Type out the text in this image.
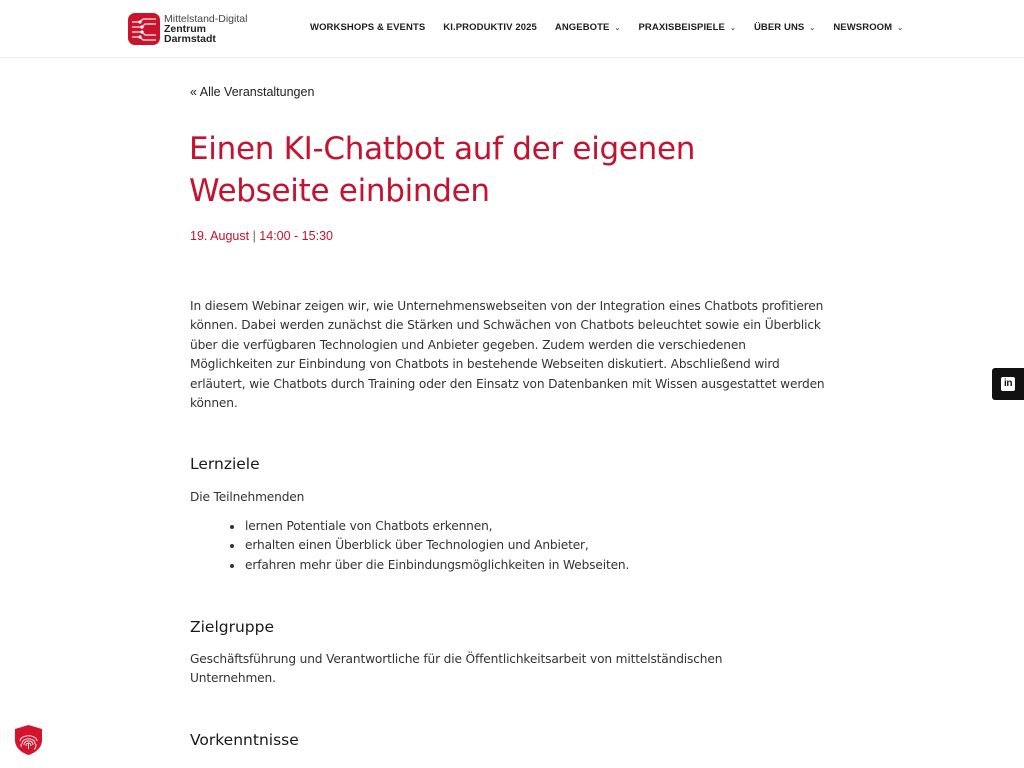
Mittelstand-Digital
Zentrum
Darmstadt
WORKSHOPS & EVENTS KI.PRODUKTIV 2025 ANGEBOTE ⌄ PRAXISBEISPIELE ⌄ ÜBER UNS ⌄ NEWSROOM ⌄
« Alle Veranstaltungen
Einen KI-Chatbot auf der eigenen Webseite einbinden
19. August | 14:00 - 15:30

In diesem Webinar zeigen wir, wie Unternehmenswebseiten von der Integration eines Chatbots profitieren können. Dabei werden zunächst die Stärken und Schwächen von Chatbots beleuchtet sowie ein Überblick über die verfügbaren Technologien und Anbieter gegeben. Zudem werden die verschiedenen Möglichkeiten zur Einbindung von Chatbots in bestehende Webseiten diskutiert. Abschließend wird erläutert, wie Chatbots durch Training oder den Einsatz von Datenbanken mit Wissen ausgestattet werden können.

Lernziele

Die Teilnehmenden

lernen Potentiale von Chatbots erkennen,
erhalten einen Überblick über Technologien und Anbieter,
erfahren mehr über die Einbindungsmöglichkeiten in Webseiten.
Zielgruppe

Geschäftsführung und Verantwortliche für die Öffentlichkeitsarbeit von mittelständischen Unternehmen.

Vorkenntnisse
in
